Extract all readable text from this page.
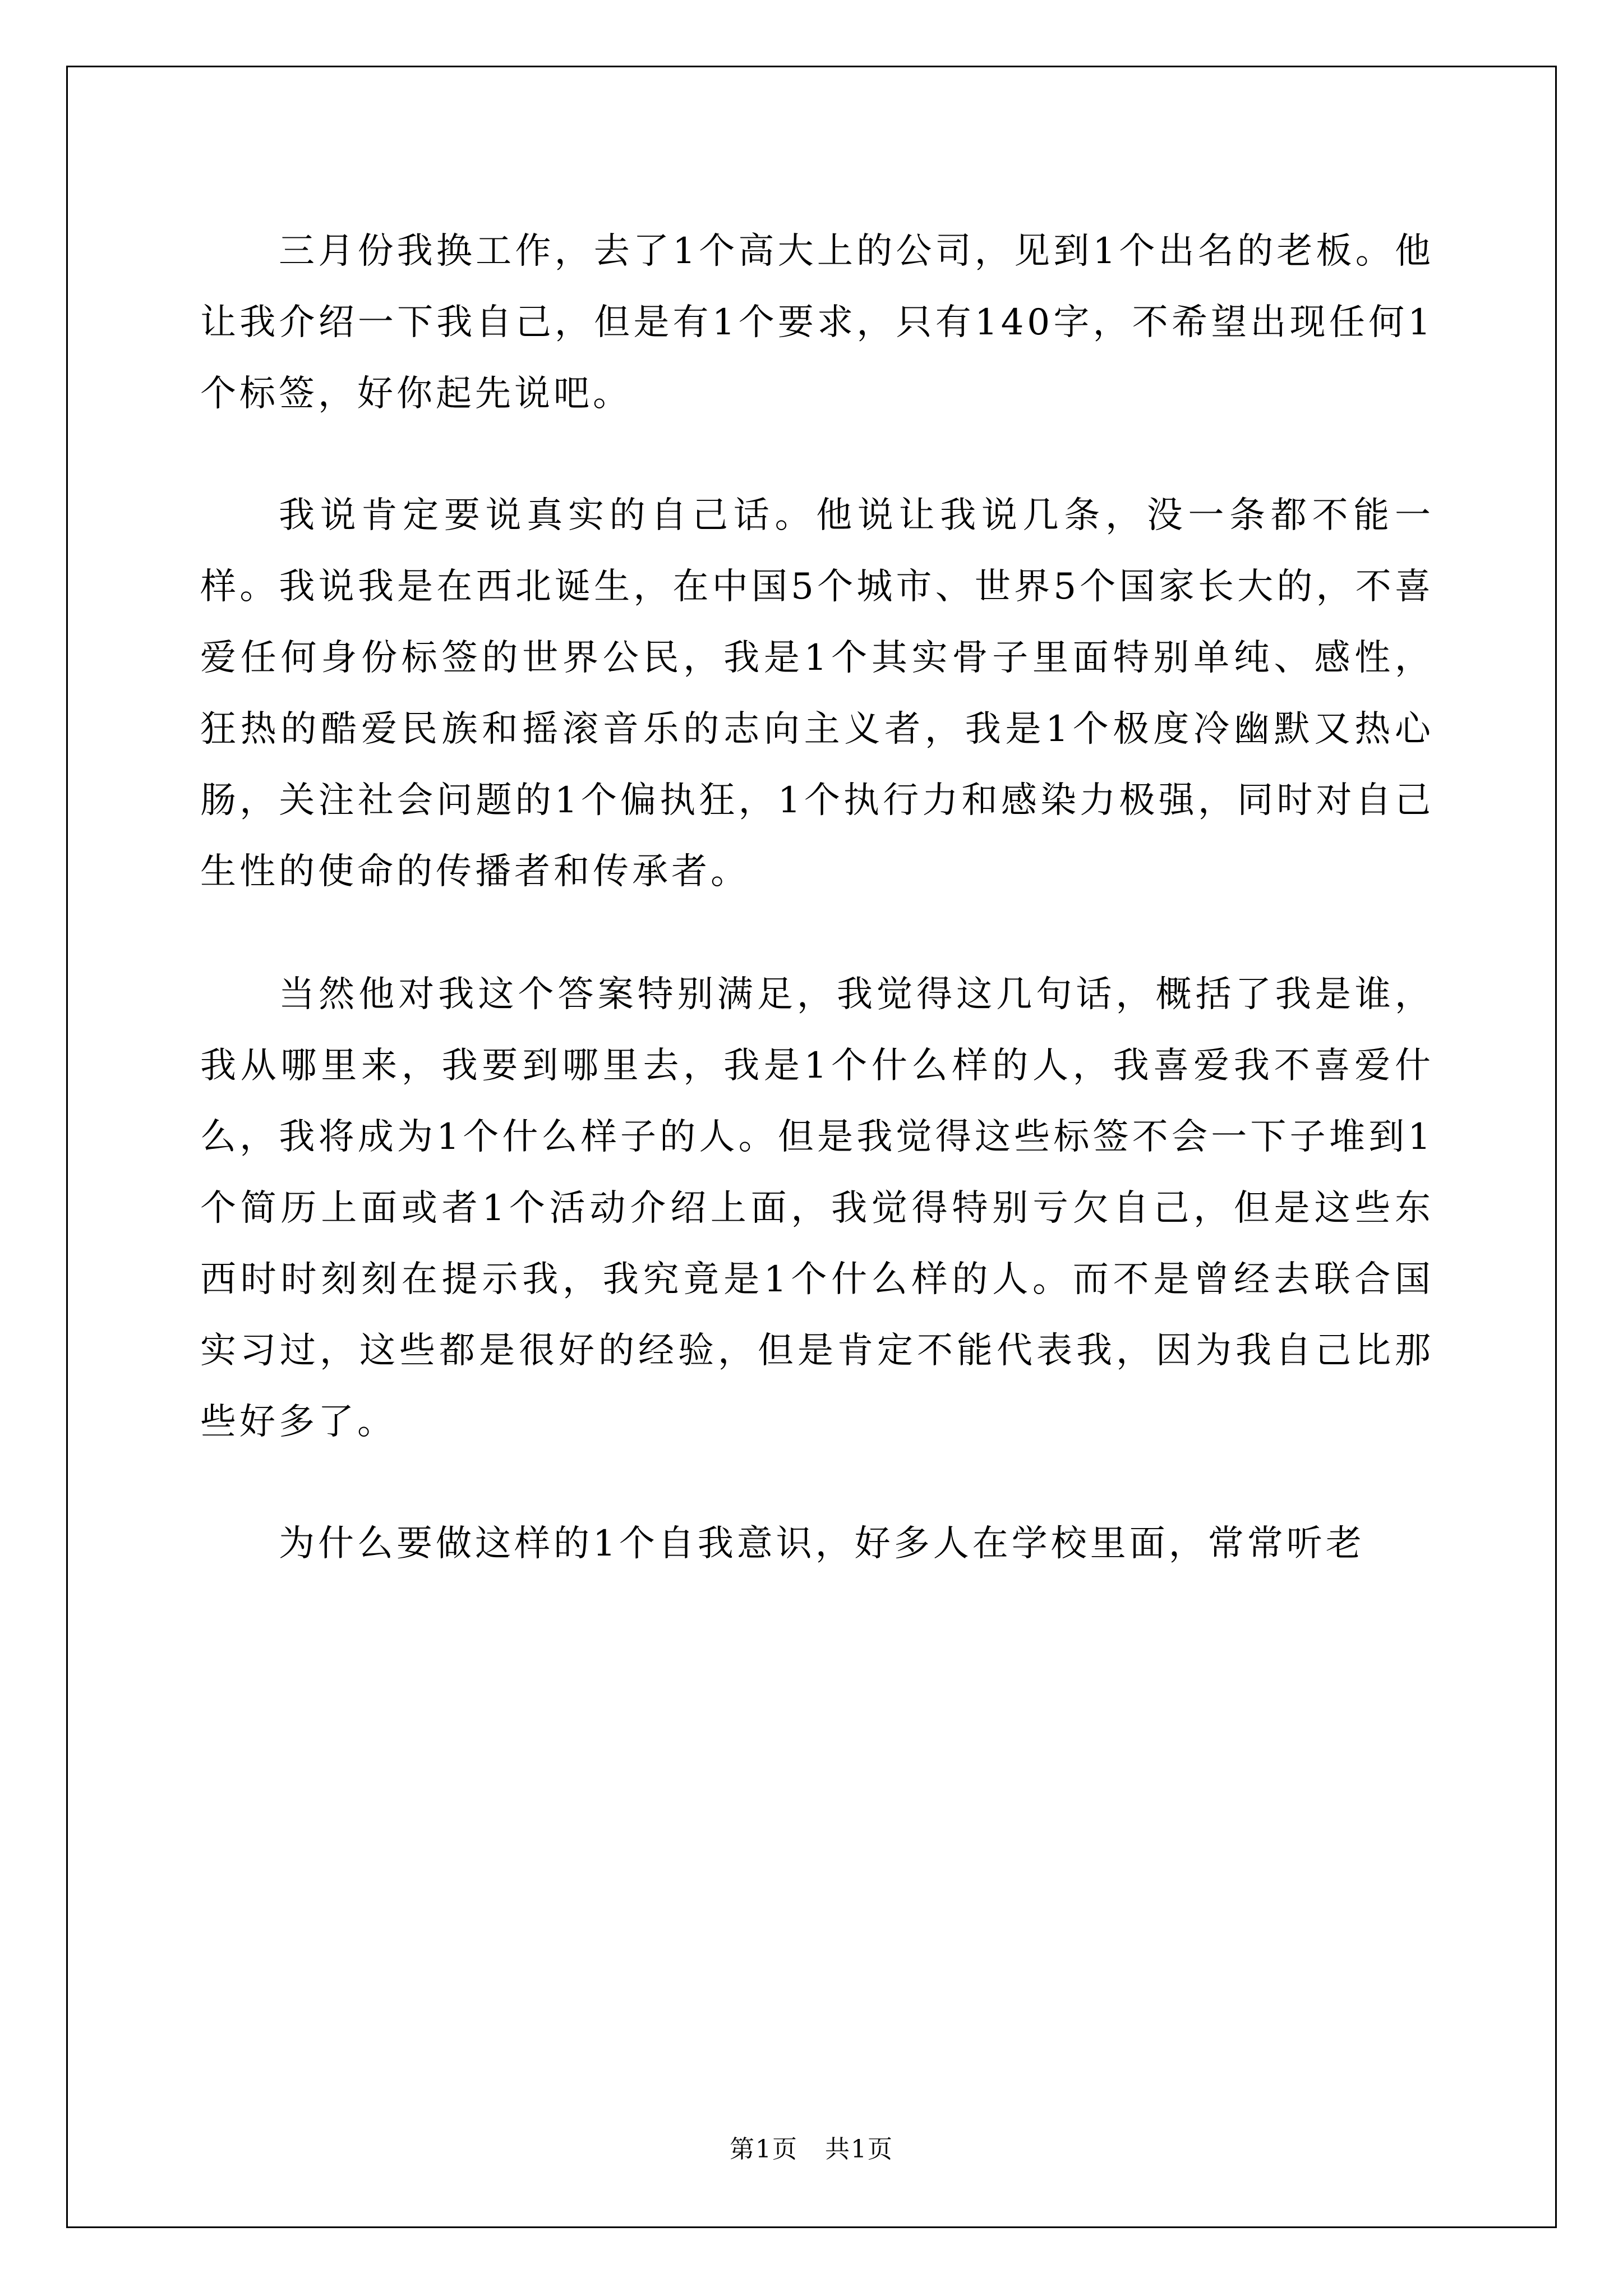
三月份我换工作，去了1个高大上的公司，见到1个出名的老板。他让我介绍一下我自己，但是有1个要求，只有140字，不希望出现任何1个标签，好你起先说吧。

我说肯定要说真实的自己话。他说让我说几条，没一条都不能一样。我说我是在西北诞生，在中国5个城市、世界5个国家长大的，不喜爱任何身份标签的世界公民，我是1个其实骨子里面特别单纯、感性，狂热的酷爱民族和摇滚音乐的志向主义者，我是1个极度冷幽默又热心肠，关注社会问题的1个偏执狂，1个执行力和感染力极强，同时对自己生性的使命的传播者和传承者。

当然他对我这个答案特别满足，我觉得这几句话，概括了我是谁，我从哪里来，我要到哪里去，我是1个什么样的人，我喜爱我不喜爱什么，我将成为1个什么样子的人。但是我觉得这些标签不会一下子堆到1个简历上面或者1个活动介绍上面，我觉得特别亏欠自己，但是这些东西时时刻刻在提示我，我究竟是1个什么样的人。而不是曾经去联合国实习过，这些都是很好的经验，但是肯定不能代表我，因为我自己比那些好多了。

为什么要做这样的1个自我意识，好多人在学校里面，常常听老

第1页 共1页
